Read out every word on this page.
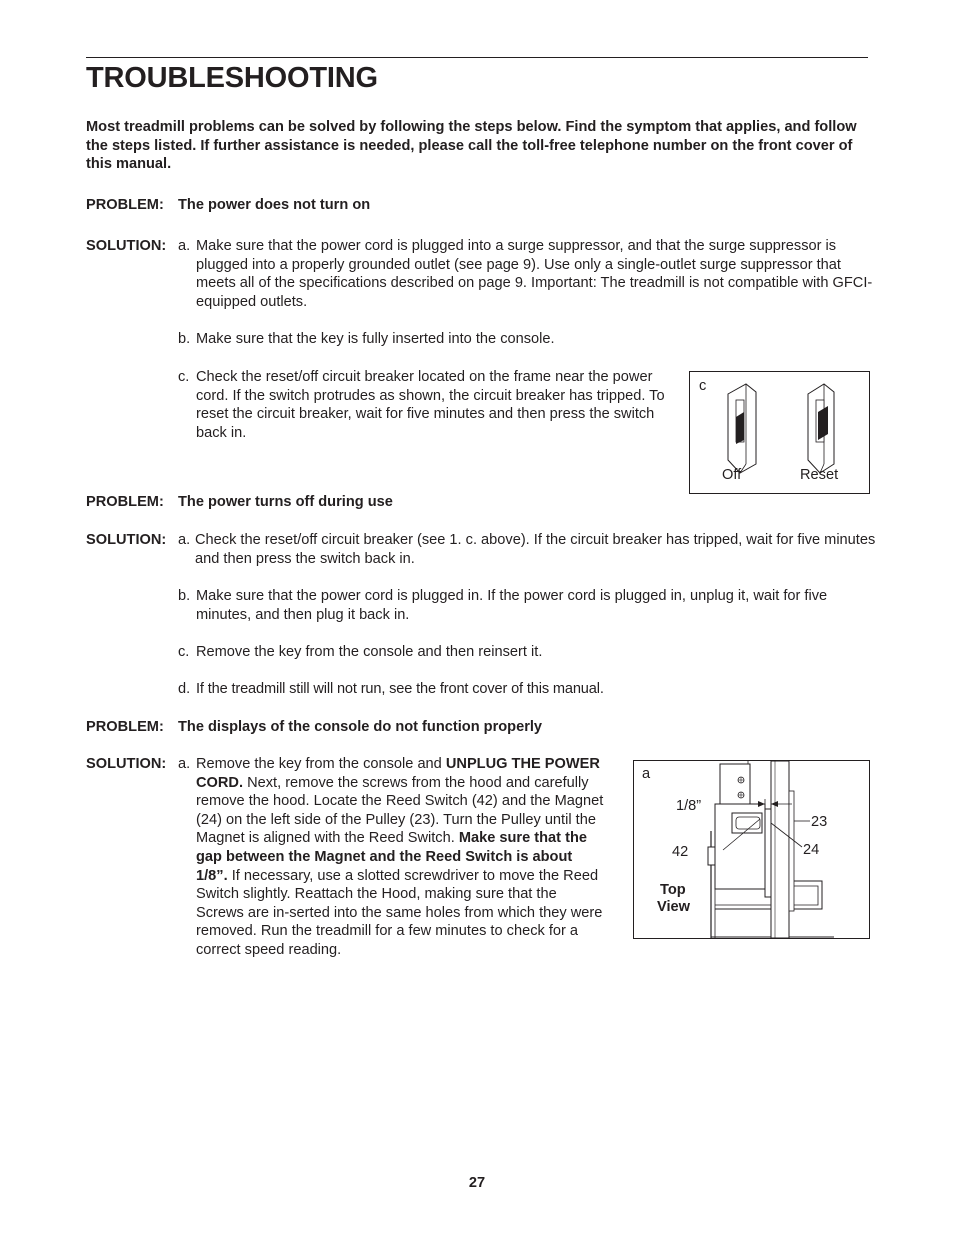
TROUBLESHOOTING
Most treadmill problems can be solved by following the steps below. Find the symptom that applies, and follow the steps listed. If further assistance is needed, please call the toll-free telephone number on the front cover of this manual.
PROBLEM: The power does not turn on
SOLUTION: a. Make sure that the power cord is plugged into a surge suppressor, and that the surge suppressor is plugged into a properly grounded outlet (see page 9). Use only a single-outlet surge suppressor that meets all of the specifications described on page 9. Important: The treadmill is not compatible with GFCI-equipped outlets.
b. Make sure that the key is fully inserted into the console.
c. Check the reset/off circuit breaker located on the frame near the power cord. If the switch protrudes as shown, the circuit breaker has tripped. To reset the circuit breaker, wait for five minutes and then press the switch back in.
c
Off	Reset
PROBLEM: The power turns off during use
SOLUTION: a. Check the reset/off circuit breaker (see 1. c. above). If the circuit breaker has tripped, wait for five minutes and then press the switch back in.
b. Make sure that the power cord is plugged in. If the power cord is plugged in, unplug it, wait for five minutes, and then plug it back in.
c. Remove the key from the console and then reinsert it.
d. If the treadmill still will not run, see the front cover of this manual.
PROBLEM: The displays of the console do not function properly
SOLUTION: a. Remove the key from the console and UNPLUG THE POWER CORD. Next, remove the screws from the hood and carefully remove the hood. Locate the Reed Switch (42) and the Magnet (24) on the left side of the Pulley (23). Turn the Pulley until the Magnet is aligned with the Reed Switch. Make sure that the gap between the Magnet and the Reed Switch is about 1/8”. If necessary, use a slotted screwdriver to move the Reed Switch slightly. Reattach the Hood, making sure that the Screws are in-serted into the same holes from which they were removed. Run the treadmill for a few minutes to check for a correct speed reading.
a
1/8”
42
23
24
Top
View
27
